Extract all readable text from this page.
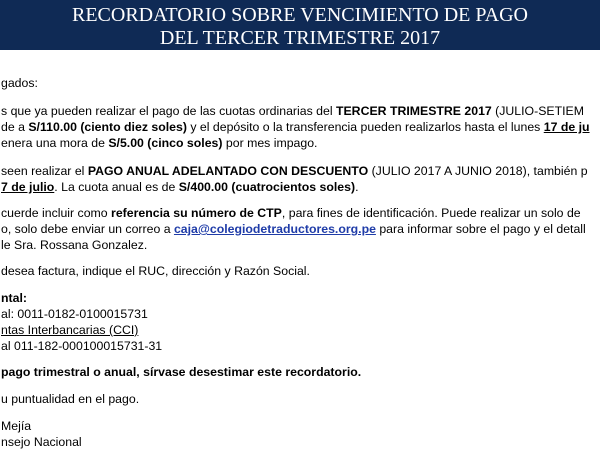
RECORDATORIO SOBRE VENCIMIENTO DE PAGO
DEL TERCER TRIMESTRE 2017
gados:
s que ya pueden realizar el pago de las cuotas ordinarias del TERCER TRIMESTRE 2017 (JULIO-SETIEM
de a S/110.00 (ciento diez soles) y el depósito o la transferencia pueden realizarlos hasta el lunes 17 de ju
enera una mora de S/5.00 (cinco soles) por mes impago.
seen realizar el PAGO ANUAL ADELANTADO CON DESCUENTO (JULIO 2017 A JUNIO 2018), también p
7 de julio. La cuota anual es de S/400.00 (cuatrocientos soles).
cuerde incluir como referencia su número de CTP, para fines de identificación. Puede realizar un solo de
o, solo debe enviar un correo a caja@colegiodetraductores.org.pe para informar sobre el pago y el detall
le Sra. Rossana Gonzalez.
desea factura, indique el RUC, dirección y Razón Social.
ntal:
al: 0011-0182-0100015731
ntas Interbancarias (CCI)
al 011-182-000100015731-31
pago trimestral o anual, sírvase desestimar este recordatorio.
u puntualidad en el pago.
Mejía
nsejo Nacional
